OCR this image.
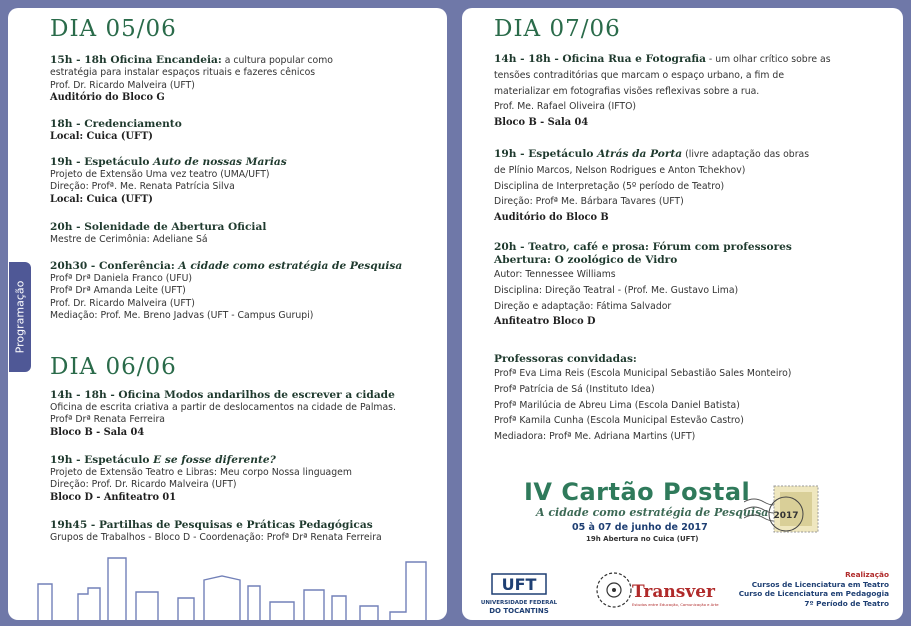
DIA 05/06
15h - 18h Oficina Encandeia: a cultura popular como
estratégia para instalar espaços rituais e fazeres cênicos
Prof. Dr. Ricardo Malveira (UFT)
Auditório do Bloco G
18h - Credenciamento
Local: Cuica (UFT)
19h - Espetáculo Auto de nossas Marias
Projeto de Extensão Uma vez teatro (UMA/UFT)
Direção: Profª. Me. Renata Patrícia Silva
Local: Cuica (UFT)
20h - Solenidade de Abertura Oficial
Mestre de Cerimônia: Adeliane Sá
20h30 - Conferência: A cidade como estratégia de Pesquisa
Profª Drª Daniela Franco (UFU)
Profª Drª Amanda Leite (UFT)
Prof. Dr. Ricardo Malveira (UFT)
Mediação: Prof. Me. Breno Jadvas (UFT - Campus Gurupi)
DIA 06/06
14h - 18h - Oficina Modos andarilhos de escrever a cidade
Oficina de escrita criativa a partir de deslocamentos na cidade de Palmas.
Profª Drª Renata Ferreira
Bloco B - Sala 04
19h - Espetáculo E se fosse diferente?
Projeto de Extensão Teatro e Libras: Meu corpo Nossa linguagem
Direção: Prof. Dr. Ricardo Malveira (UFT)
Bloco D - Anfiteatro 01
19h45 - Partilhas de Pesquisas e Práticas Pedagógicas
Grupos de Trabalhos - Bloco D - Coordenação: Profª Drª Renata Ferreira
Programação
DIA 07/06
14h - 18h - Oficina Rua e Fotografia - um olhar crítico sobre as
tensões contraditórias que marcam o espaço urbano, a fim de
materializar em fotografias visões reflexivas sobre a rua.
Prof. Me. Rafael Oliveira (IFTO)
Bloco B - Sala 04
19h - Espetáculo Atrás da Porta (livre adaptação das obras
de Plínio Marcos, Nelson Rodrigues e Anton Tchekhov)
Disciplina de Interpretação (5º período de Teatro)
Direção: Profª Me. Bárbara Tavares (UFT)
Auditório do Bloco B
20h - Teatro, café e prosa: Fórum com professores
Abertura: O zoológico de Vidro
Autor: Tennessee Williams
Disciplina: Direção Teatral - (Prof. Me. Gustavo Lima)
Direção e adaptação: Fátima Salvador
Anfiteatro Bloco D
Professoras convidadas:
Profª Eva Lima Reis (Escola Municipal Sebastião Sales Monteiro)
Profª Patrícia de Sá (Instituto Idea)
Profª Marilúcia de Abreu Lima (Escola Daniel Batista)
Profª Kamila Cunha (Escola Municipal Estevão Castro)
Mediadora: Profª Me. Adriana Martins (UFT)
IV Cartão Postal
A cidade como estratégia de Pesquisa
05 à 07 de junho de 2017
19h Abertura no Cuica (UFT)
2017
UFT
UNIVERSIDADE FEDERAL
DO TOCANTINS
Transver
Estudos entre Educação, Comunicação e Arte
Realização
Cursos de Licenciatura em Teatro
Curso de Licenciatura em Pedagogia
7º Período de Teatro
